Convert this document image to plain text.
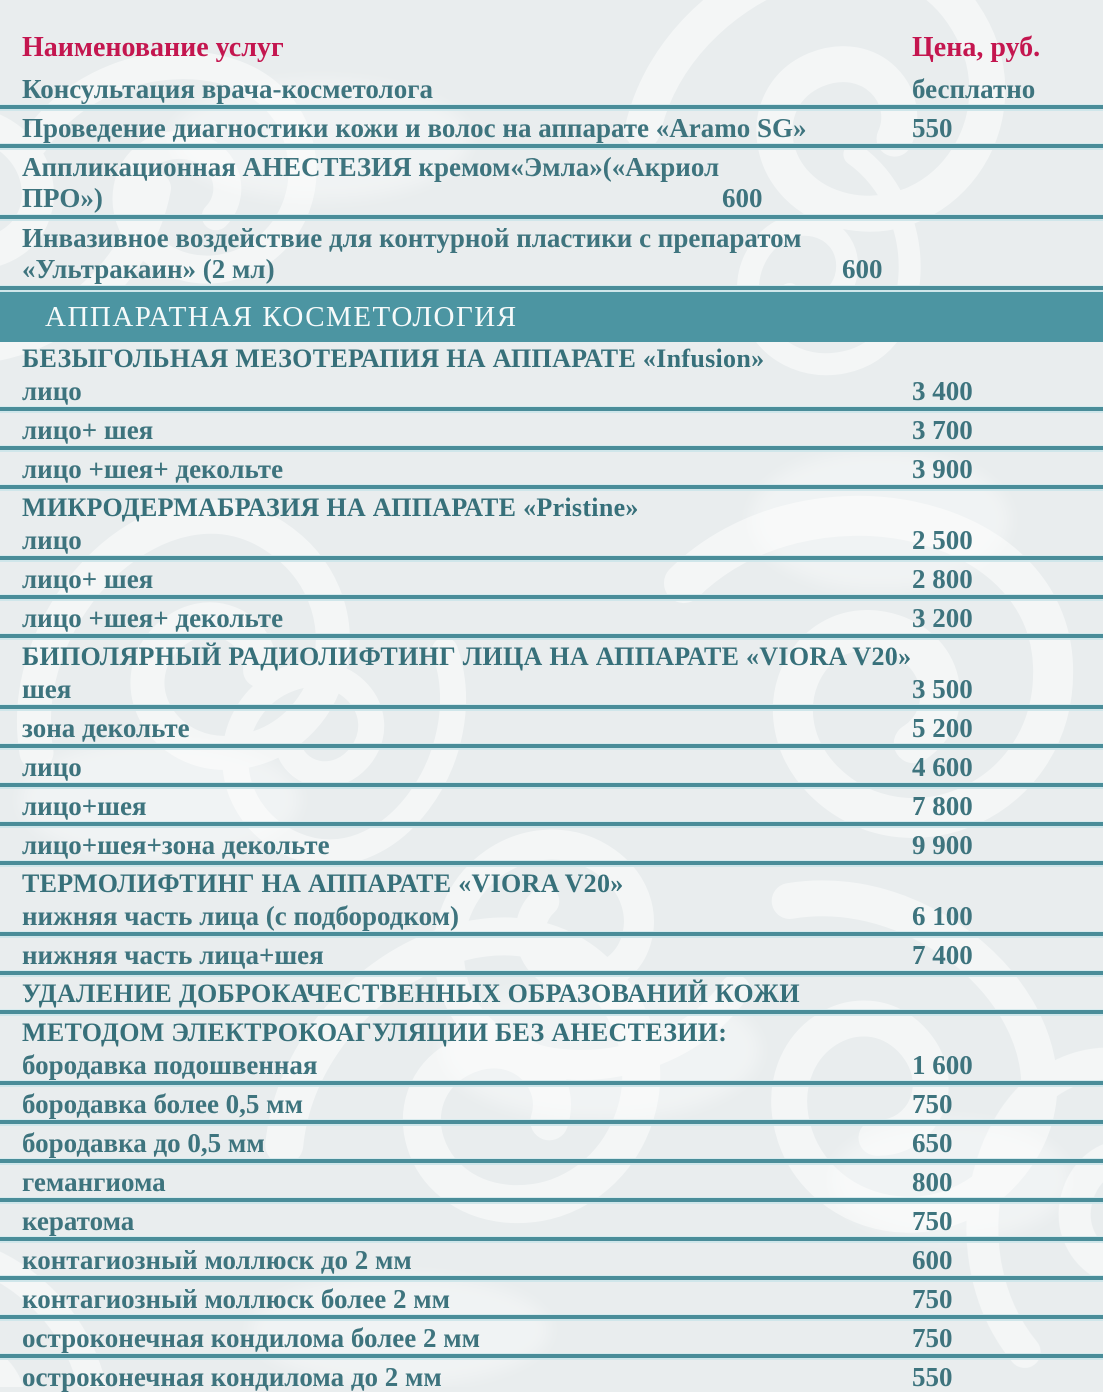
Наименование услуг	Цена, руб.
Консультация врача-косметолога	бесплатно
Проведение диагностики кожи и волос на аппарате «Aramo SG»	550
Аппликационная АНЕСТЕЗИЯ кремом«Эмла»(«Акриол ПРО»)	600
Инвазивное воздействие для контурной пластики с препаратом «Ультракаин» (2 мл)	600
АППАРАТНАЯ КОСМЕТОЛОГИЯ
БЕЗЫГОЛЬНАЯ МЕЗОТЕРАПИЯ НА АППАРАТЕ «Infusion»
лицо	3 400
лицо+ шея	3 700
лицо +шея+ декольте	3 900
МИКРОДЕРМАБРАЗИЯ НА АППАРАТЕ «Pristine»
лицо	2 500
лицо+ шея	2 800
лицо +шея+ декольте	3 200
БИПОЛЯРНЫЙ РАДИОЛИФТИНГ ЛИЦА НА АППАРАТЕ «VIORA V20»
шея	3 500
зона декольте	5 200
лицо	4 600
лицо+шея	7 800
лицо+шея+зона декольте	9 900
ТЕРМОЛИФТИНГ НА АППАРАТЕ «VIORA V20»
нижняя часть лица (с подбородком)	6 100
нижняя часть лица+шея	7 400
УДАЛЕНИЕ ДОБРОКАЧЕСТВЕННЫХ ОБРАЗОВАНИЙ КОЖИ
МЕТОДОМ ЭЛЕКТРОКОАГУЛЯЦИИ БЕЗ АНЕСТЕЗИИ:
бородавка подошвенная	1 600
бородавка более 0,5 мм	750
бородавка до 0,5 мм	650
гемангиома	800
кератома	750
контагиозный моллюск до 2 мм	600
контагиозный моллюск более 2 мм	750
остроконечная кондилома более 2 мм	750
остроконечная кондилома до 2 мм	550
